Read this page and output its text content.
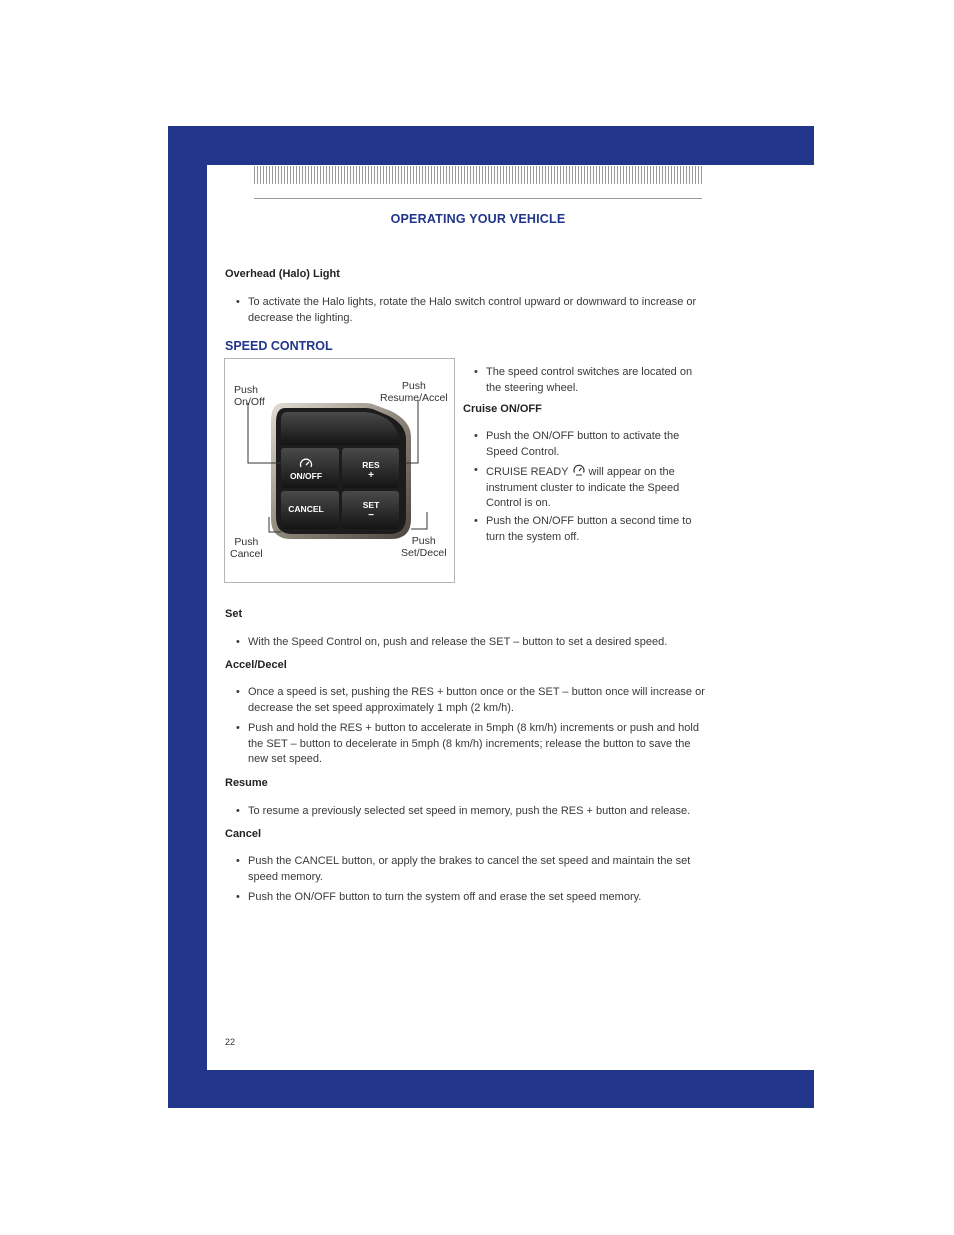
OPERATING YOUR VEHICLE
Overhead (Halo) Light
• To activate the Halo lights, rotate the Halo switch control upward or downward to increase or decrease the lighting.
SPEED CONTROL
ON/OFF
RES
+
CANCEL	SET
−
Push
On/Off
Push
Resume/Accel
Push
Cancel
Push
Set/Decel
• The speed control switches are located on the steering wheel.
Cruise ON/OFF
• Push the ON/OFF button to activate the Speed Control.
• CRUISE READY will appear on the instrument cluster to indicate the Speed Control is on.
• Push the ON/OFF button a second time to turn the system off.
Set
• With the Speed Control on, push and release the SET – button to set a desired speed.
Accel/Decel
• Once a speed is set, pushing the RES + button once or the SET – button once will increase or decrease the set speed approximately 1 mph (2 km/h).
• Push and hold the RES + button to accelerate in 5mph (8 km/h) increments or push and hold the SET – button to decelerate in 5mph (8 km/h) increments; release the button to save the new set speed.
Resume
• To resume a previously selected set speed in memory, push the RES + button and release.
Cancel
• Push the CANCEL button, or apply the brakes to cancel the set speed and maintain the set speed memory.
• Push the ON/OFF button to turn the system off and erase the set speed memory.
22
